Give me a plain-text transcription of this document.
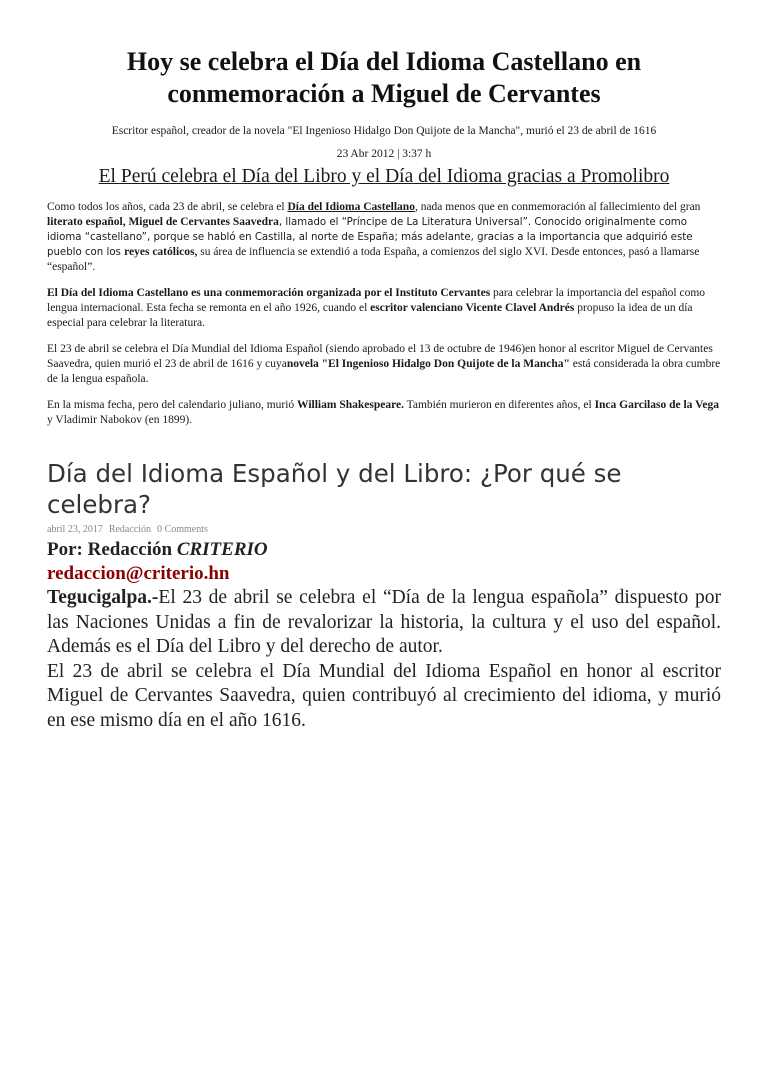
Hoy se celebra el Día del Idioma Castellano en conmemoración a Miguel de Cervantes
Escritor español, creador de la novela "El Ingenioso Hidalgo Don Quijote de la Mancha", murió el 23 de abril de 1616
23 Abr 2012 | 3:37 h
El Perú celebra el Día del Libro y el Día del Idioma gracias a Promolibro

Como todos los años, cada 23 de abril, se celebra el Día del Idioma Castellano, nada menos que en conmemoración al fallecimiento del gran literato español, Miguel de Cervantes Saavedra, llamado el “Príncipe de La Literatura Universal”. Conocido originalmente como idioma “castellano”, porque se habló en Castilla, al norte de España; más adelante, gracias a la importancia que adquirió este pueblo con los reyes católicos, su área de influencia se extendió a toda España, a comienzos del siglo XVI. Desde entonces, pasó a llamarse “español”.

El Día del Idioma Castellano es una conmemoración organizada por el Instituto Cervantes para celebrar la importancia del español como lengua internacional. Esta fecha se remonta en el año 1926, cuando el escritor valenciano Vicente Clavel Andrés propuso la idea de un día especial para celebrar la literatura.

El 23 de abril se celebra el Día Mundial del Idioma Español (siendo aprobado el 13 de octubre de 1946)en honor al escritor Miguel de Cervantes Saavedra, quien murió el 23 de abril de 1616 y cuyanovela "El Ingenioso Hidalgo Don Quijote de la Mancha" está considerada la obra cumbre de la lengua española.

En la misma fecha, pero del calendario juliano, murió William Shakespeare. También murieron en diferentes años, el Inca Garcilaso de la Vega y Vladimir Nabokov (en 1899).

Día del Idioma Español y del Libro: ¿Por qué se celebra?
abril 23, 2017 Redacción 0 Comments
Por: Redacción CRITERIO
redaccion@criterio.hn

Tegucigalpa.-El 23 de abril se celebra el “Día de la lengua española” dispuesto por las Naciones Unidas a fin de revalorizar la historia, la cultura y el uso del español. Además es el Día del Libro y del derecho de autor.

El 23 de abril se celebra el Día Mundial del Idioma Español en honor al escritor Miguel de Cervantes Saavedra, quien contribuyó al crecimiento del idioma, y murió en ese mismo día en el año 1616.
